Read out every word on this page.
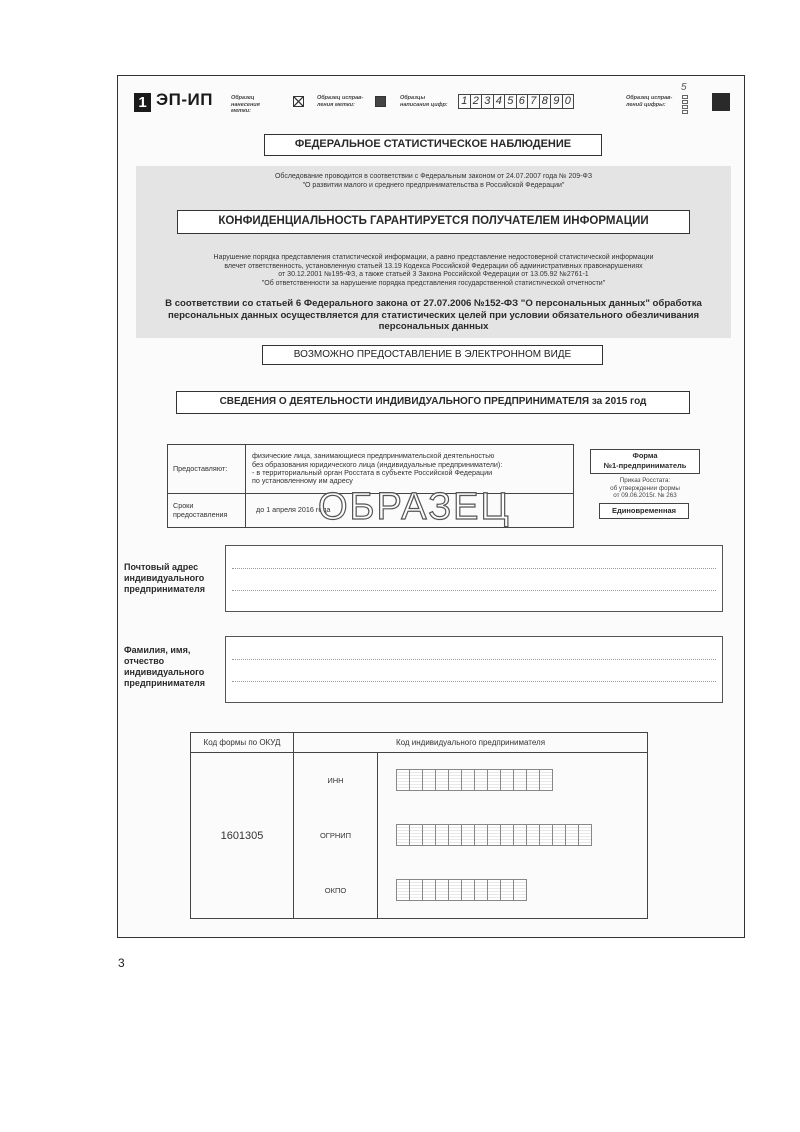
1 ЭП-ИП	Образец
нанесения метки:
Образец исправ-
ления метки:
Образцы
написания цифр:	1 2 3 4 5 6 7 8 9 0	Образец исправ-
лений цифры:
5
ФЕДЕРАЛЬНОЕ СТАТИСТИЧЕСКОЕ НАБЛЮДЕНИЕ
Обследование проводится в соответствии с Федеральным законом от 24.07.2007 года № 209-ФЗ
"О развитии малого и среднего предпринимательства в Российской Федерации"
КОНФИДЕНЦИАЛЬНОСТЬ ГАРАНТИРУЕТСЯ ПОЛУЧАТЕЛЕМ ИНФОРМАЦИИ
Нарушение порядка представления статистической информации, а равно представление недостоверной статистической информации
влечет ответственность, установленную статьей 13.19 Кодекса Российской Федерации об административных правонарушениях
от 30.12.2001 №195-ФЗ, а также статьей 3 Закона Российской Федерации от 13.05.92 №2761-1
"Об ответственности за нарушение порядка представления государственной статистической отчетности"
В соответствии со статьей 6 Федерального закона от 27.07.2006 №152-ФЗ "О персональных данных" обработка
персональных данных осуществляется для статистических целей при условии обязательного обезличивания
персональных данных
ВОЗМОЖНО ПРЕДОСТАВЛЕНИЕ В ЭЛЕКТРОННОМ ВИДЕ
СВЕДЕНИЯ О ДЕЯТЕЛЬНОСТИ ИНДИВИДУАЛЬНОГО ПРЕДПРИНИМАТЕЛЯ за 2015 год
Предоставляют:	физические лица, занимающиеся предпринимательской деятельностью
без образования юридического лица (индивидуальные предприниматели):
- в территориальный орган Росстата в субъекте Российской Федерации
по установленному им адресу

Сроки
предоставления	до 1 апреля 2016 года
ОБРАЗЕЦ
Форма
№1-предприниматель
Приказ Росстата:
об утверждении формы
от 09.06.2015г. № 263
Единовременная
Почтовый адрес
индивидуального
предпринимателя
Фамилия, имя,
отчество
индивидуального
предпринимателя
Код формы по ОКУД	Код индивидуального предпринимателя	
1601305	ИНН
ОГРНИП
ОКПО	

3
